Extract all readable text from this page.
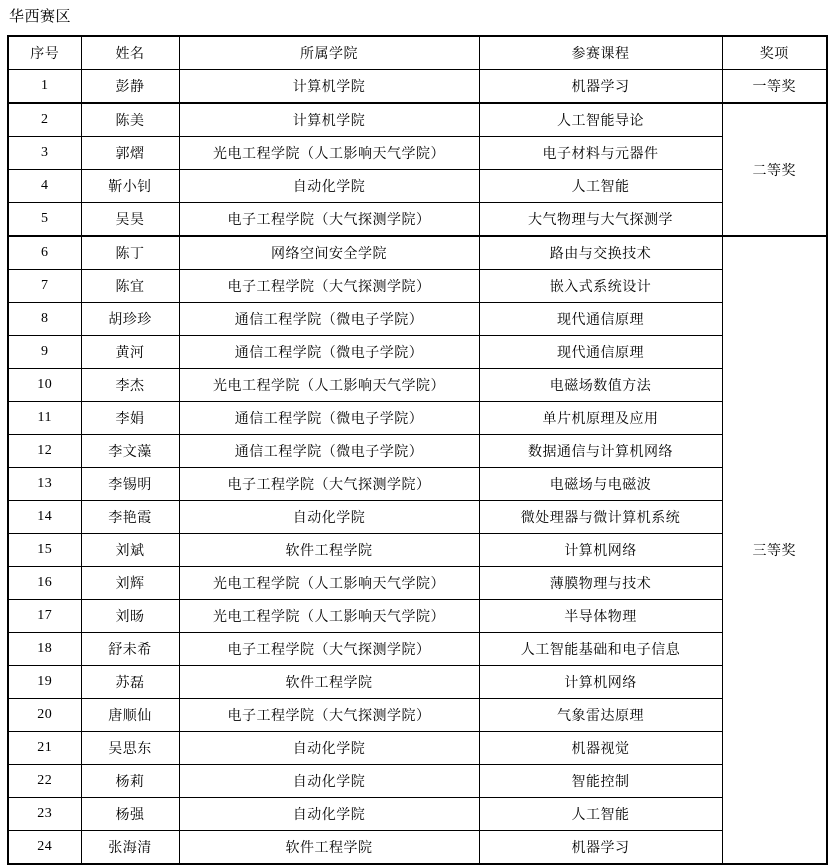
华西赛区

序号	姓名	所属学院	参赛课程	奖项
1	彭静	计算机学院	机器学习	一等奖
2	陈美	计算机学院	人工智能导论	二等奖
3	郭熠	光电工程学院（人工影响天气学院）	电子材料与元器件	
4	靳小钊	自动化学院	人工智能	
5	吴昊	电子工程学院（大气探测学院）	大气物理与大气探测学	
6	陈丁	网络空间安全学院	路由与交换技术	三等奖
7	陈宜	电子工程学院（大气探测学院）	嵌入式系统设计	
8	胡珍珍	通信工程学院（微电子学院）	现代通信原理	
9	黄河	通信工程学院（微电子学院）	现代通信原理	
10	李杰	光电工程学院（人工影响天气学院）	电磁场数值方法	
11	李娟	通信工程学院（微电子学院）	单片机原理及应用	
12	李文藻	通信工程学院（微电子学院）	数据通信与计算机网络	
13	李锡明	电子工程学院（大气探测学院）	电磁场与电磁波	
14	李艳霞	自动化学院	微处理器与微计算机系统	
15	刘斌	软件工程学院	计算机网络	
16	刘辉	光电工程学院（人工影响天气学院）	薄膜物理与技术	
17	刘旸	光电工程学院（人工影响天气学院）	半导体物理	
18	舒未希	电子工程学院（大气探测学院）	人工智能基础和电子信息	
19	苏磊	软件工程学院	计算机网络	
20	唐顺仙	电子工程学院（大气探测学院）	气象雷达原理	
21	吴思东	自动化学院	机器视觉	
22	杨莉	自动化学院	智能控制	
23	杨强	自动化学院	人工智能	
24	张海清	软件工程学院	机器学习	
